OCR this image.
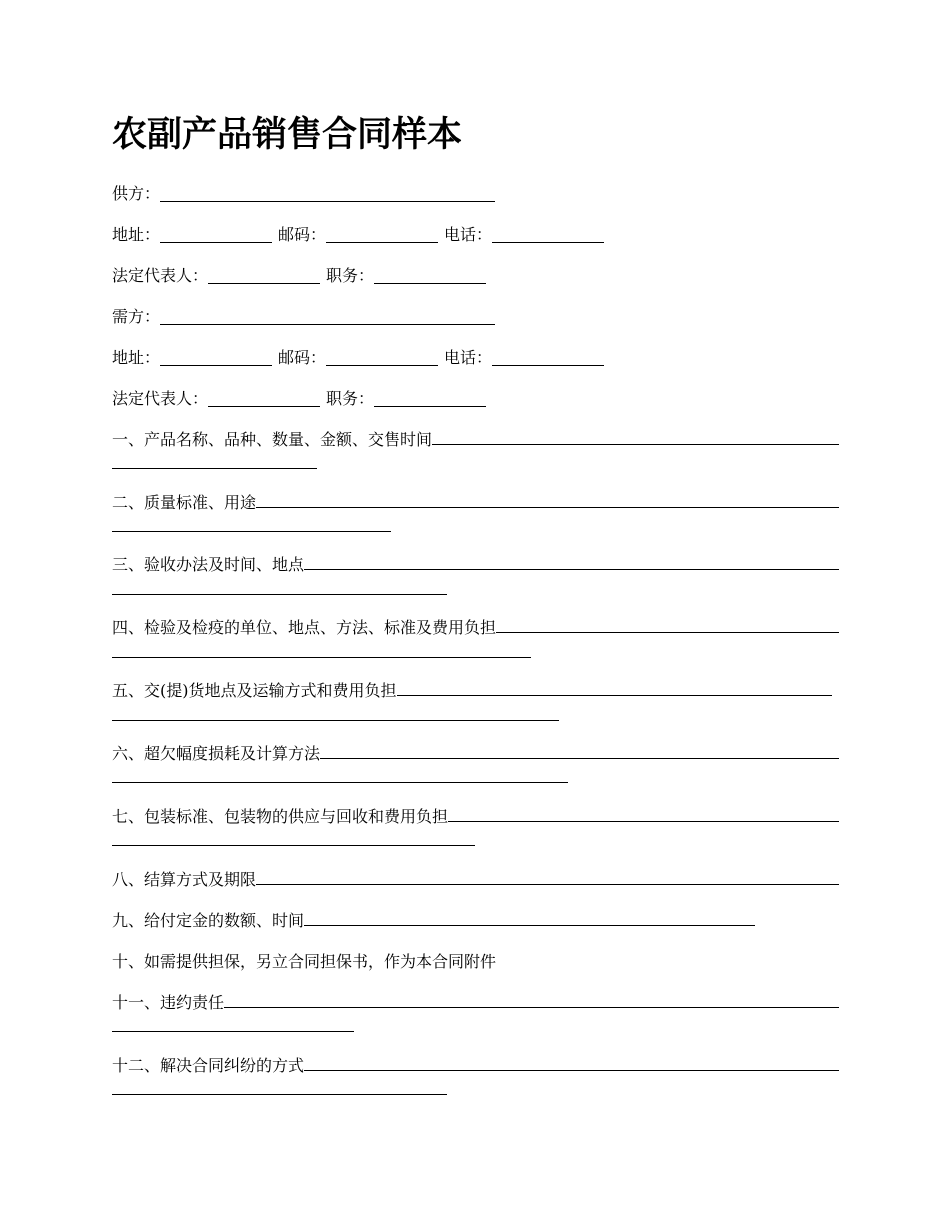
农副产品销售合同样本
供方：
地址：	邮码：	电话：
法定代表人：	职务：
需方：
地址：	邮码：	电话：
法定代表人：	职务：
一、产品名称、品种、数量、金额、交售时间
二、质量标准、用途
三、验收办法及时间、地点
四、检验及检疫的单位、地点、方法、标准及费用负担
五、交(提)货地点及运输方式和费用负担
六、超欠幅度损耗及计算方法
七、包装标准、包装物的供应与回收和费用负担
八、结算方式及期限
九、给付定金的数额、时间
十、如需提供担保，另立合同担保书，作为本合同附件
十一、违约责任
十二、解决合同纠纷的方式
